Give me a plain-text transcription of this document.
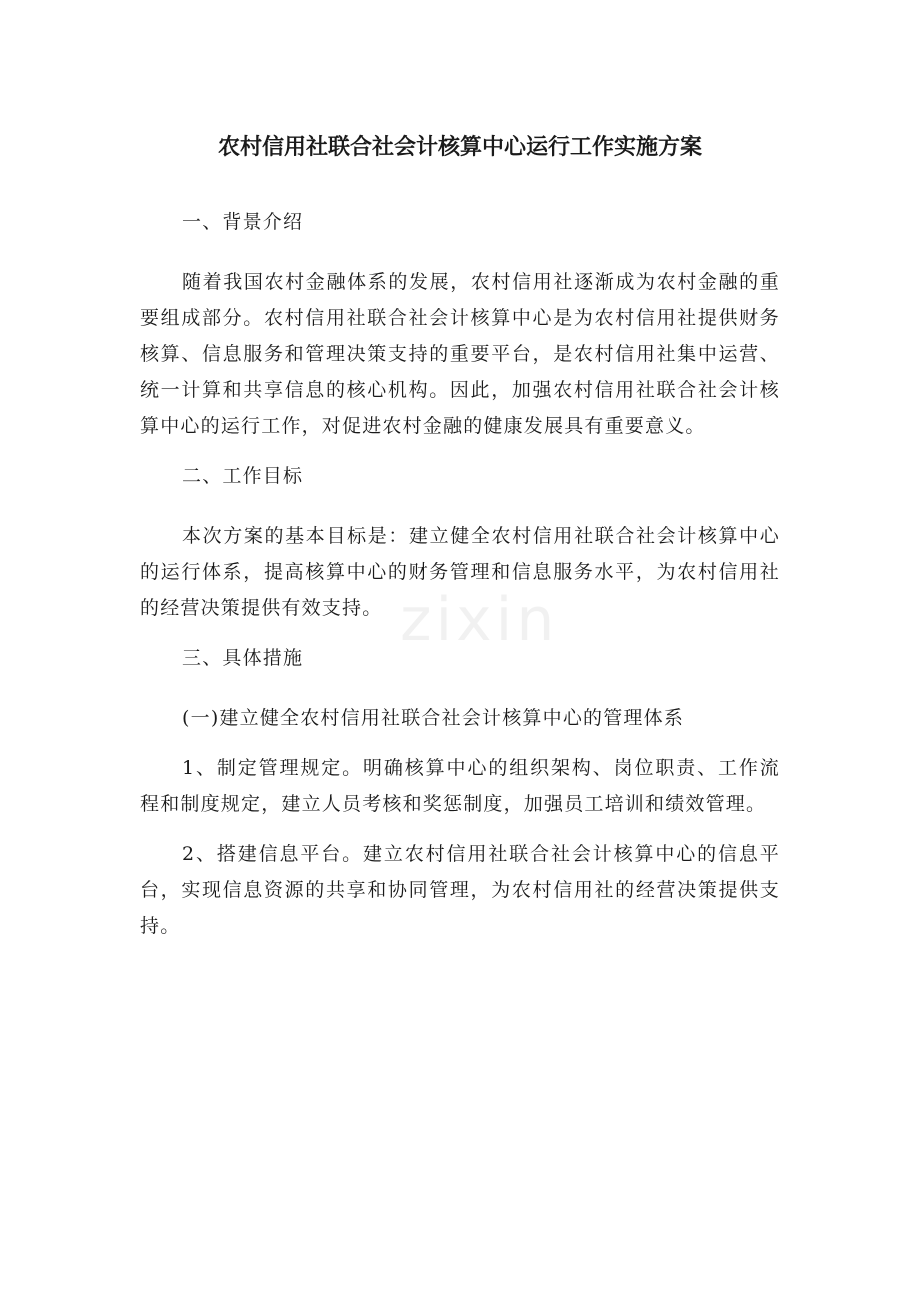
zixin
农村信用社联合社会计核算中心运行工作实施方案

一、背景介绍

随着我国农村金融体系的发展，农村信用社逐渐成为农村金融的重要组成部分。农村信用社联合社会计核算中心是为农村信用社提供财务核算、信息服务和管理决策支持的重要平台，是农村信用社集中运营、统一计算和共享信息的核心机构。因此，加强农村信用社联合社会计核算中心的运行工作，对促进农村金融的健康发展具有重要意义。

二、工作目标

本次方案的基本目标是：建立健全农村信用社联合社会计核算中心的运行体系，提高核算中心的财务管理和信息服务水平，为农村信用社的经营决策提供有效支持。

三、具体措施

(一)建立健全农村信用社联合社会计核算中心的管理体系

1、制定管理规定。明确核算中心的组织架构、岗位职责、工作流程和制度规定，建立人员考核和奖惩制度，加强员工培训和绩效管理。

2、搭建信息平台。建立农村信用社联合社会计核算中心的信息平台，实现信息资源的共享和协同管理，为农村信用社的经营决策提供支持。
